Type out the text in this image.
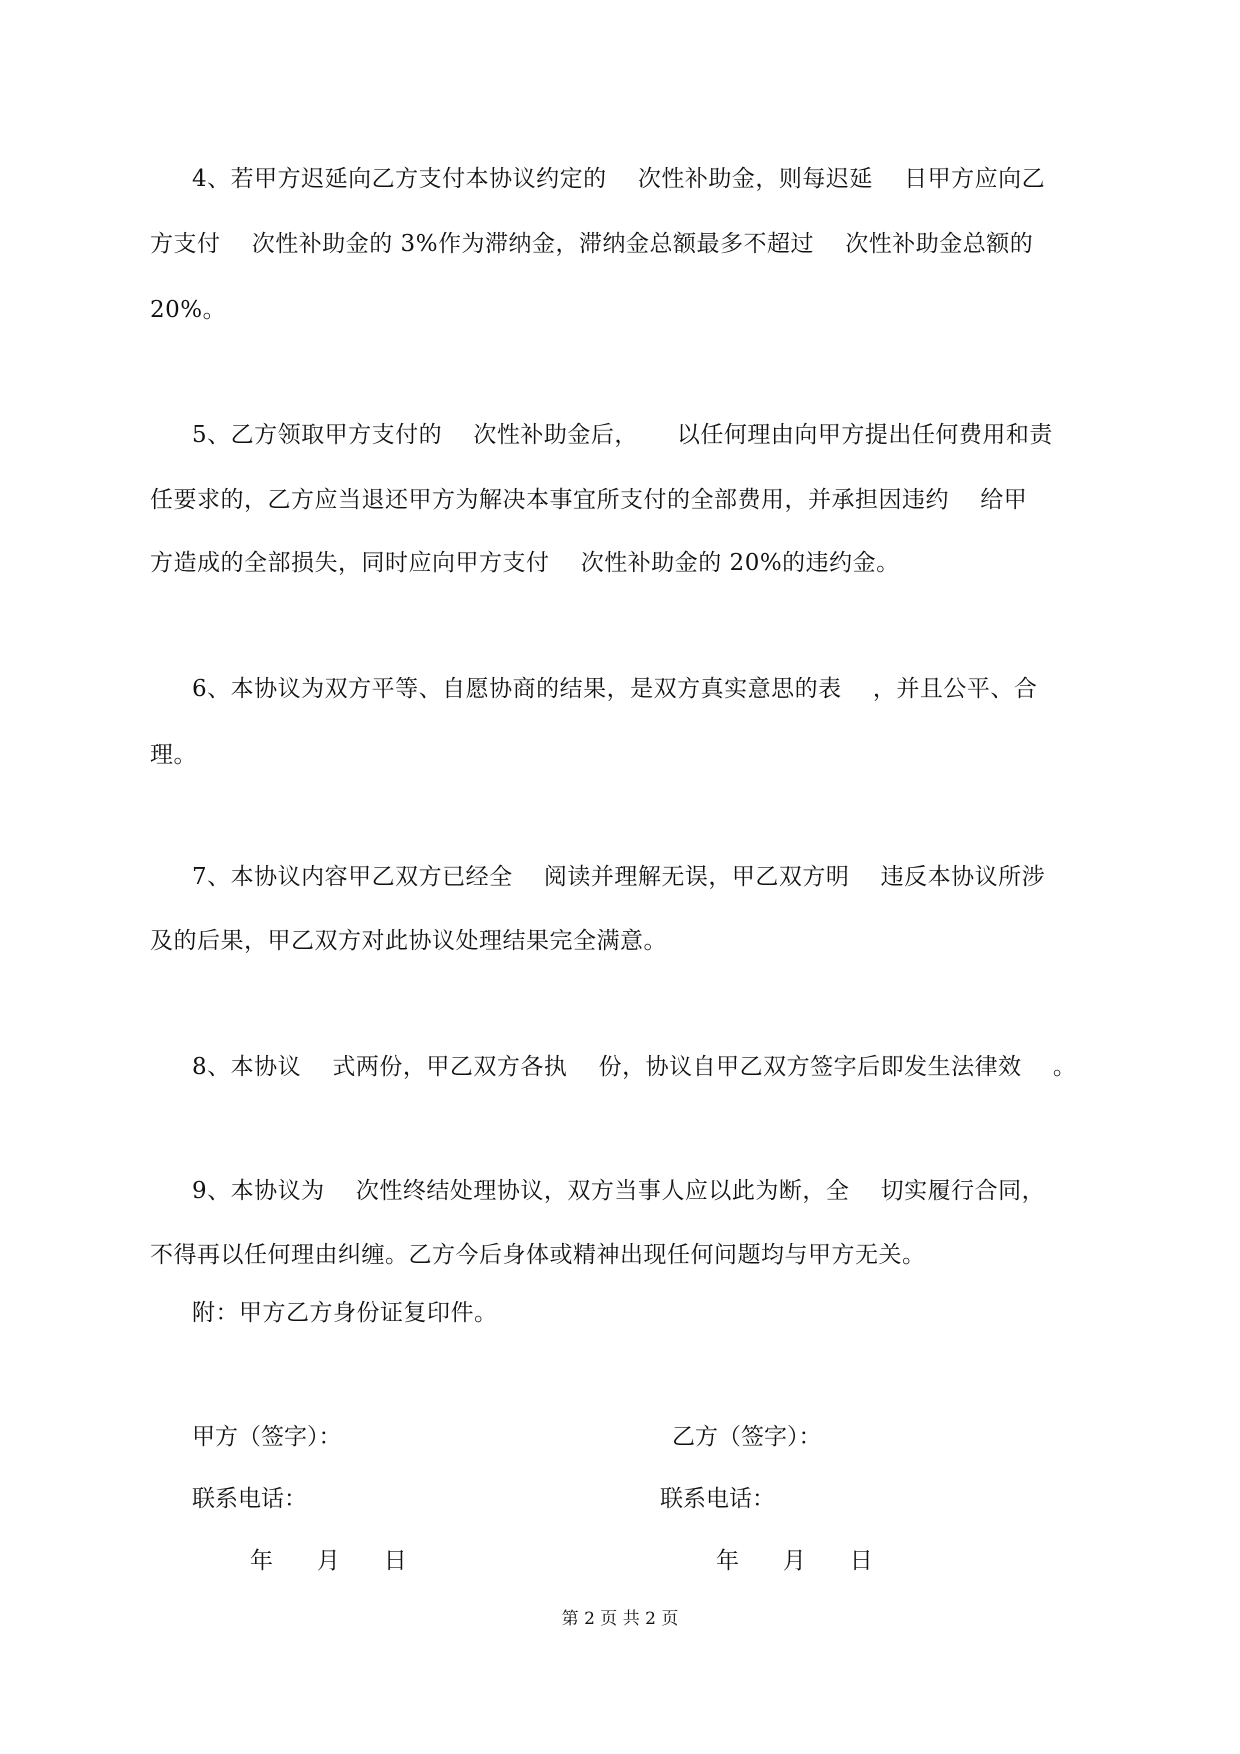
4、若甲方迟延向乙方支付本协议约定的    次性补助金，则每迟延    日甲方应向乙
方支付    次性补助金的 3%作为滞纳金，滞纳金总额最多不超过    次性补助金总额的
20%。
5、乙方领取甲方支付的    次性补助金后，     以任何理由向甲方提出任何费用和责
任要求的，乙方应当退还甲方为解决本事宜所支付的全部费用，并承担因违约    给甲
方造成的全部损失，同时应向甲方支付    次性补助金的 20%的违约金。
6、本协议为双方平等、自愿协商的结果，是双方真实意思的表    ，并且公平、合
理。
7、本协议内容甲乙双方已经全    阅读并理解无误，甲乙双方明    违反本协议所涉
及的后果，甲乙双方对此协议处理结果完全满意。
8、本协议    式两份，甲乙双方各执    份，协议自甲乙双方签字后即发生法律效    。
9、本协议为    次性终结处理协议，双方当事人应以此为断，全    切实履行合同，
不得再以任何理由纠缠。乙方今后身体或精神出现任何问题均与甲方无关。
附：甲方乙方身份证复印件。
甲方（签字）：
联系电话：
年      月      日
乙方（签字）：
联系电话：
年      月      日
第 2 页 共 2 页
